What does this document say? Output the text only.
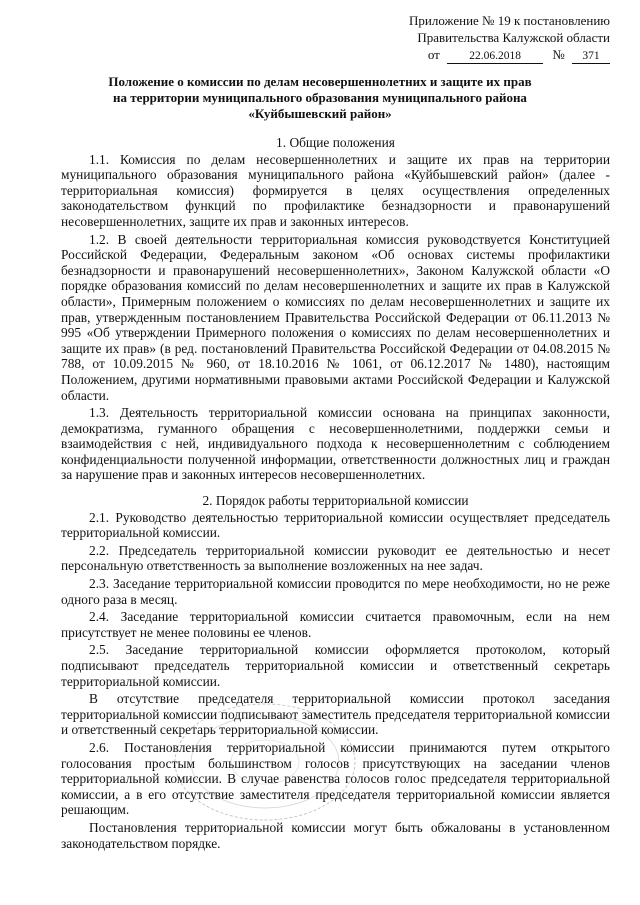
Приложение № 19 к постановлению
Правительства Калужской области
от	22.06.2018 № 371
Положение о комиссии по делам несовершеннолетних и защите их прав
на территории муниципального образования муниципального района
«Куйбышевский район»
1. Общие положения

1.1. Комиссия по делам несовершеннолетних и защите их прав на территории муниципального образования муниципального района «Куйбышевский район» (далее - территориальная комиссия) формируется в целях осуществления определенных законодательством функций по профилактике безнадзорности и правонарушений несовершеннолетних, защите их прав и законных интересов.

1.2. В своей деятельности территориальная комиссия руководствуется Конституцией Российской Федерации, Федеральным законом «Об основах системы профилактики безнадзорности и правонарушений несовершеннолетних», Законом Калужской области «О порядке образования комиссий по делам несовершеннолетних и защите их прав в Калужской области», Примерным положением о комиссиях по делам несовершеннолетних и защите их прав, утвержденным постановлением Правительства Российской Федерации от 06.11.2013 № 995 «Об утверждении Примерного положения о комиссиях по делам несовершеннолетних и защите их прав» (в ред. постановлений Правительства Российской Федерации от 04.08.2015 № 788, от 10.09.2015 № 960, от 18.10.2016 № 1061, от 06.12.2017 № 1480), настоящим Положением, другими нормативными правовыми актами Российской Федерации и Калужской области.

1.3. Деятельность территориальной комиссии основана на принципах законности, демократизма, гуманного обращения с несовершеннолетними, поддержки семьи и взаимодействия с ней, индивидуального подхода к несовершеннолетним с соблюдением конфиденциальности полученной информации, ответственности должностных лиц и граждан за нарушение прав и законных интересов несовершеннолетних.

2. Порядок работы территориальной комиссии

2.1. Руководство деятельностью территориальной комиссии осуществляет председатель территориальной комиссии.

2.2. Председатель территориальной комиссии руководит ее деятельностью и несет персональную ответственность за выполнение возложенных на нее задач.

2.3. Заседание территориальной комиссии проводится по мере необходимости, но не реже одного раза в месяц.

2.4. Заседание территориальной комиссии считается правомочным, если на нем присутствует не менее половины ее членов.

2.5. Заседание территориальной комиссии оформляется протоколом, который подписывают председатель территориальной комиссии и ответственный секретарь территориальной комиссии.

В отсутствие председателя территориальной комиссии протокол заседания территориальной комиссии подписывают заместитель председателя территориальной комиссии и ответственный секретарь территориальной комиссии.

2.6. Постановления территориальной комиссии принимаются путем открытого голосования простым большинством голосов присутствующих на заседании членов территориальной комиссии. В случае равенства голосов голос председателя территориальной комиссии, а в его отсутствие заместителя председателя территориальной комиссии является решающим.

Постановления территориальной комиссии могут быть обжалованы в установленном законодательством порядке.
